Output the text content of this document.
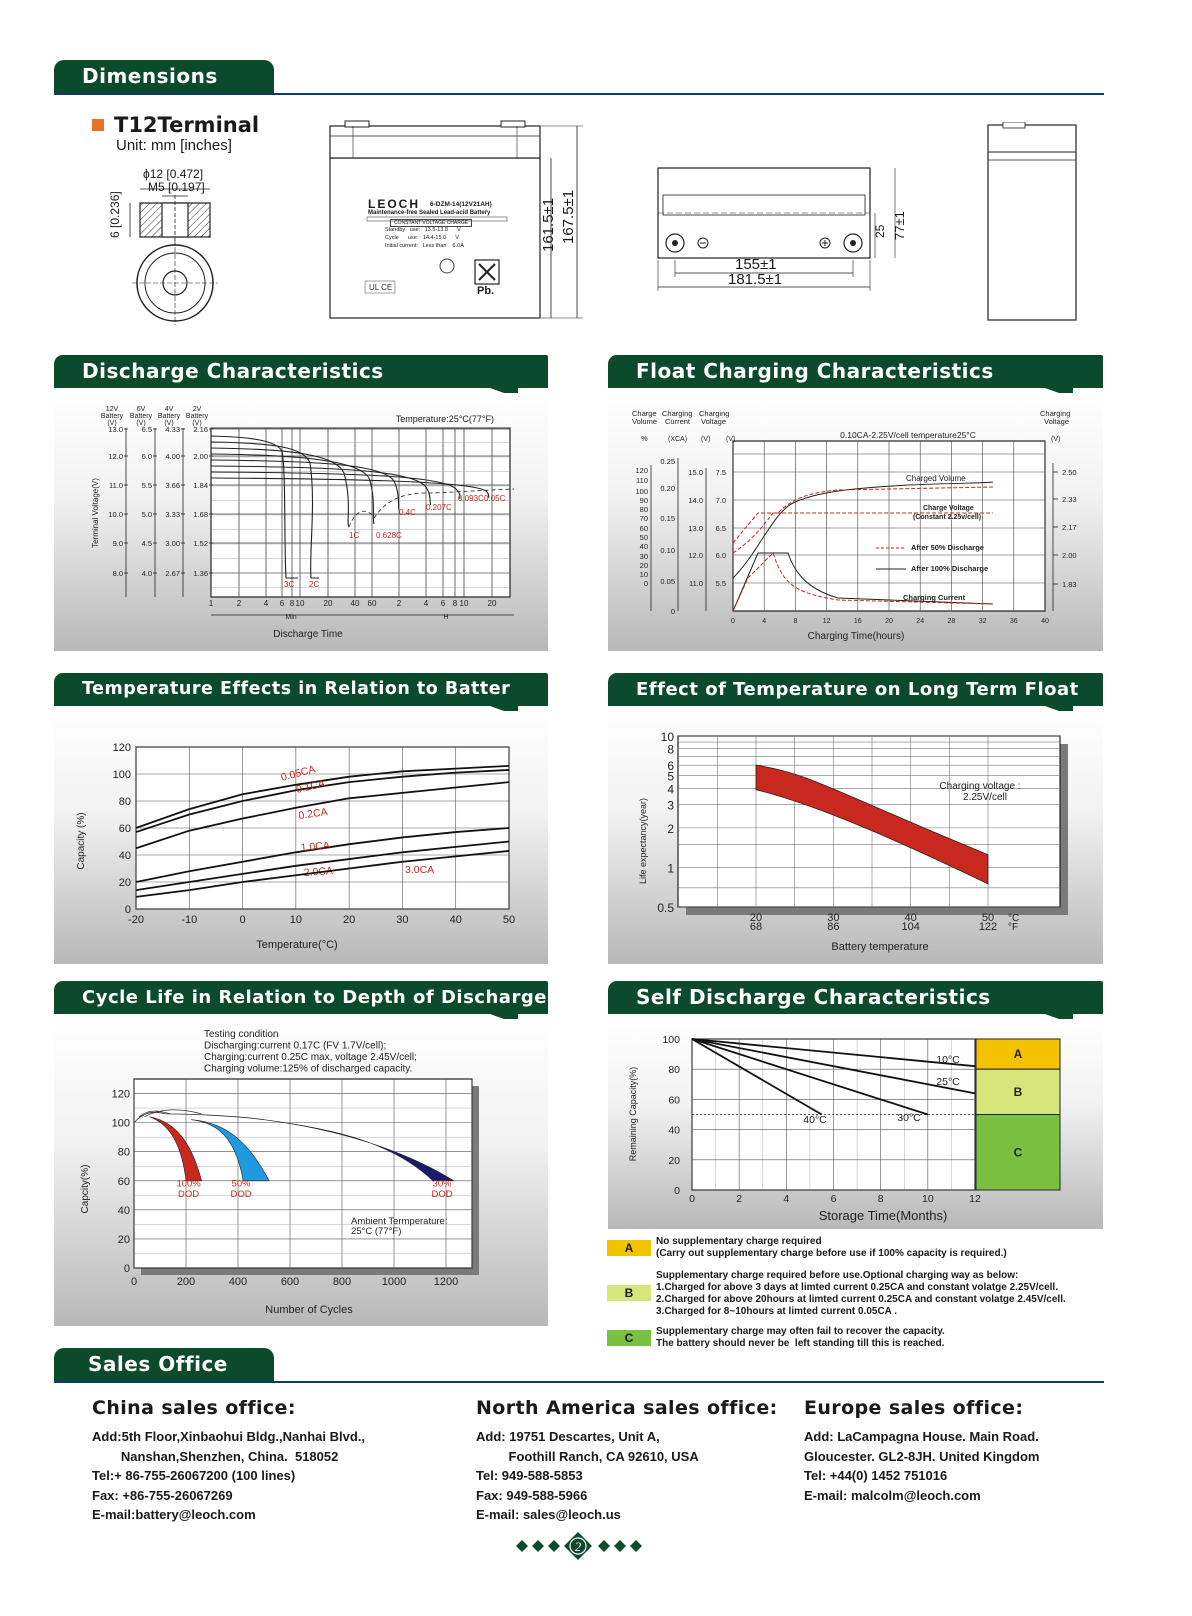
Dimensions
T12Terminal
Unit: mm [inches]
ϕ12 [0.472]
M5 [0.197]
6 [0.236]
UL CE
LEOCH 6-DZM-14(12V21AH)
Maintenance-free Sealed Lead-acid Battery
CONSTANT VOLTAGE CHARGE
Standby   use:   13.5-13.8      V
Cycle      use:   14.4-15.0      V
Initial current:   Less than    6.0A
Pb.
161.5±1 167.5±1
155±1
181.5±1
25 77±1
Discharge Characteristics
12V
Battery
(V)
13.0
12.0
11.0
10.0
9.0
8.0
6V
Battery
(V)
6.5
6.0
5.5
5.0
4.5
4.0
4V
Battery
(V)
4.33
4.00
3.66
3.33
3.00
2.67
2V
Battery
(V)
2.16
2.00
1.84
1.68
1.52
1.36
Terminal Voltage(V)
Temperature:25°C(77°F)
1	2	4 6 8 10 20 40 60	2	4 6 8 10 20
Min	H
Discharge Time
3C 2C
1C 0.628C
0.4C
0.207C
0.093C 0.05C
Float Charging Characteristics
Charge
Volume
%
Charging
Current
(XCA)
Charging
Voltage
(V) (V)
Charging
Voltage
(V)
120
110
100
90
80
70
60
50
40
30
20
10
0
0.25
0.20
0.15
0.10
0.05
0
15.0
14.0
13.0
12.0
11.0
7.5
7.0
6.5
6.0
5.5
2.50
2.33
2.17
2.00
1.83
0.10CA-2.25V/cell temperature25°C
0	4	8	12	16	20	24	28	32	36	40
Charging Time(hours)
Charged Volume
Charge Voltage
(Constant 2.25v/cell)
Charging Current
After 50% Discharge
After 100% Discharge
Temperature Effects in Relation to Batter
0
20
40
60
80
100
120
-20	-10	0	10	20	30	40	50
Temperature(°C)
Capacity (%)
0.05CA
0.1CA
0.2CA
1.0CA
2.0CA	3.0CA
Effect of Temperature on Long Term Float
10
8
6
5
4
3
2
1
0.5
20
68
30
86
40
104
50
122
°C
°F
Battery temperature
Life expectancy(year)
Charging voltage :
2.25V/cell
Cycle Life in Relation to Depth of Discharge
0	200	400	600	800	1000	1200
0
20
40
60
80
100
120
Number of Cycles
Capcity(%)
Testing condition
Discharging:current 0.17C (FV 1.7V/cell);
Charging:current 0.25C max, voltage 2.45V/cell;
Charging volume:125% of discharged capacity.
100%
DOD
50%
DOD
30%
DOD
Ambient Termperature:
25°C (77°F)
Self Discharge Characteristics
0	2	4	6	8	10	12
0
20
40
60
80
100
Storage Time(Months)
Remaining Capacity(%)
A
B
C
10°C
25°C
30°C
40°C
A	No supplementary charge required
(Carry out supplementary charge before use if 100% capacity is required.)
B
Supplementary charge required before use.Optional charging way as below:
1.Charged for above 3 days at limted current 0.25CA and constant volatge 2.25V/cell.
2.Charged for above 20hours at limted current 0.25CA and constant volatge 2.45V/cell.
3.Charged for 8~10hours at limted current 0.05CA .
C	Supplementary charge may often fail to recover the capacity.
The battery should never be  left standing till this is reached.
Sales Office
China sales office:
Add:5th Floor,Xinbaohui Bldg.,Nanhai Blvd.,
Nanshan,Shenzhen, China.  518052
Tel:+ 86-755-26067200 (100 lines)
Fax: +86-755-26067269
E-mail:battery@leoch.com
North America sales office:
Add: 19751 Descartes, Unit A,
Foothill Ranch, CA 92610, USA
Tel: 949-588-5853
Fax: 949-588-5966
E-mail: sales@leoch.us
Europe sales office:
Add: LaCampagna House. Main Road.
Gloucester. GL2-8JH. United Kingdom
Tel: +44(0) 1452 751016
E-mail: malcolm@leoch.com
2
